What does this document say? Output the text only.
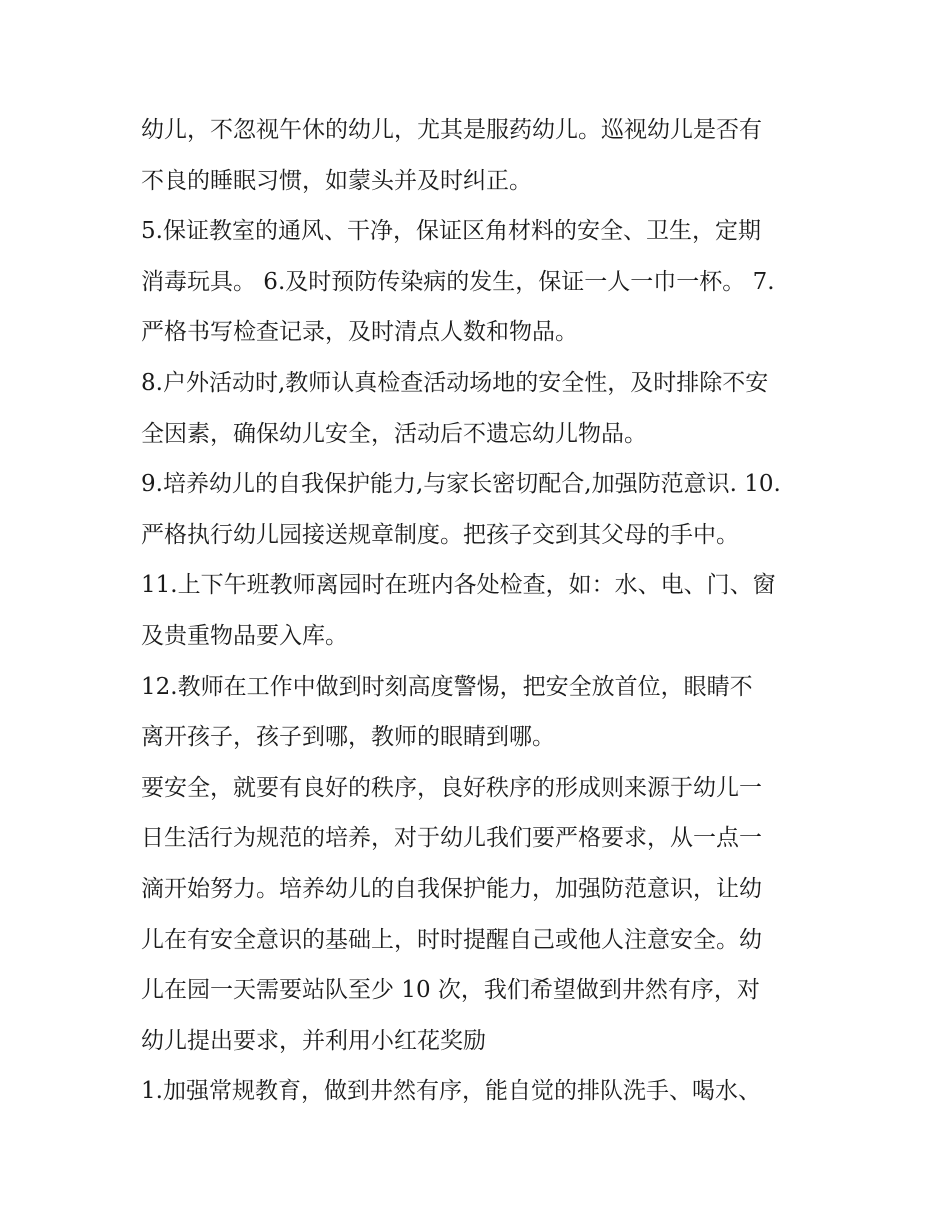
幼儿，不忽视午休的幼儿，尤其是服药幼儿。巡视幼儿是否有
不良的睡眠习惯，如蒙头并及时纠正。
5.保证教室的通风、干净，保证区角材料的安全、卫生，定期
消毒玩具。 6.及时预防传染病的发生，保证一人一巾一杯。 7.
严格书写检查记录，及时清点人数和物品。
8.户外活动时,教师认真检查活动场地的安全性，及时排除不安
全因素，确保幼儿安全，活动后不遗忘幼儿物品。
9.培养幼儿的自我保护能力,与家长密切配合,加强防范意识. 10.
严格执行幼儿园接送规章制度。把孩子交到其父母的手中。
11.上下午班教师离园时在班内各处检查，如：水、电、门、窗
及贵重物品要入库。
12.教师在工作中做到时刻高度警惕，把安全放首位，眼睛不
离开孩子，孩子到哪，教师的眼睛到哪。
要安全，就要有良好的秩序，良好秩序的形成则来源于幼儿一
日生活行为规范的培养，对于幼儿我们要严格要求，从一点一
滴开始努力。培养幼儿的自我保护能力，加强防范意识，让幼
儿在有安全意识的基础上，时时提醒自己或他人注意安全。幼
儿在园一天需要站队至少 10 次，我们希望做到井然有序，对
幼儿提出要求，并利用小红花奖励
1.加强常规教育，做到井然有序，能自觉的排队洗手、喝水、
